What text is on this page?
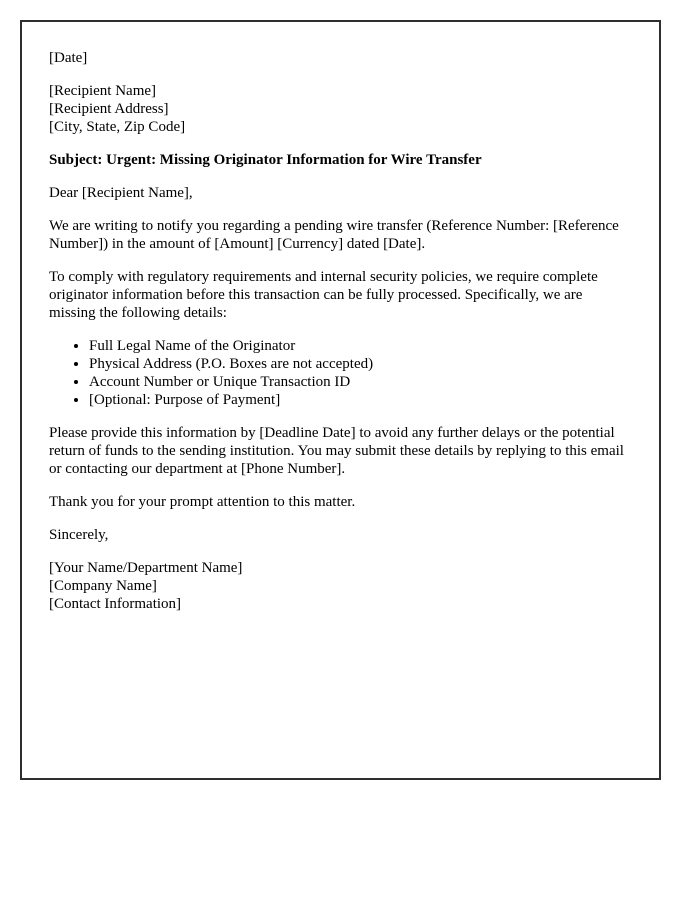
[Date]

[Recipient Name]
[Recipient Address]
[City, State, Zip Code]

Subject: Urgent: Missing Originator Information for Wire Transfer

Dear [Recipient Name],

We are writing to notify you regarding a pending wire transfer (Reference Number: [Reference Number]) in the amount of [Amount] [Currency] dated [Date].

To comply with regulatory requirements and internal security policies, we require complete originator information before this transaction can be fully processed. Specifically, we are missing the following details:

• Full Legal Name of the Originator
• Physical Address (P.O. Boxes are not accepted)
• Account Number or Unique Transaction ID
• [Optional: Purpose of Payment]

Please provide this information by [Deadline Date] to avoid any further delays or the potential return of funds to the sending institution. You may submit these details by replying to this email or contacting our department at [Phone Number].

Thank you for your prompt attention to this matter.

Sincerely,

[Your Name/Department Name]
[Company Name]
[Contact Information]
